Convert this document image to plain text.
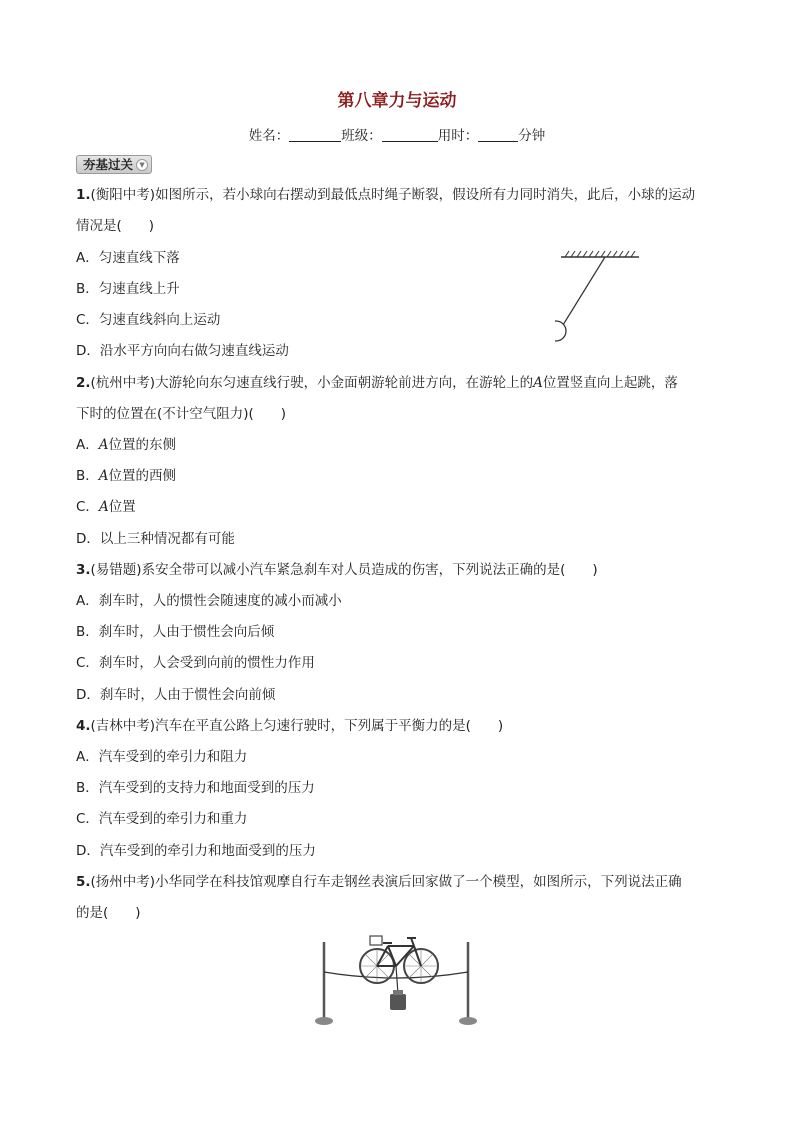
第八章力与运动
姓名：	班级：	用时：	分钟
夯基过关 ▼
1.(衡阳中考)如图所示，若小球向右摆动到最低点时绳子断裂，假设所有力同时消失，此后，小球的运动
情况是(　　)
A．匀速直线下落
B．匀速直线上升
C．匀速直线斜向上运动
D．沿水平方向向右做匀速直线运动
2.(杭州中考)大游轮向东匀速直线行驶，小金面朝游轮前进方向，在游轮上的A位置竖直向上起跳，落
下时的位置在(不计空气阻力)(　　)
A．A位置的东侧
B．A位置的西侧
C．A位置
D．以上三种情况都有可能
3.(易错题)系安全带可以减小汽车紧急刹车对人员造成的伤害，下列说法正确的是(　　)
A．刹车时，人的惯性会随速度的减小而减小
B．刹车时，人由于惯性会向后倾
C．刹车时，人会受到向前的惯性力作用
D．刹车时，人由于惯性会向前倾
4.(吉林中考)汽车在平直公路上匀速行驶时，下列属于平衡力的是(　　)
A．汽车受到的牵引力和阻力
B．汽车受到的支持力和地面受到的压力
C．汽车受到的牵引力和重力
D．汽车受到的牵引力和地面受到的压力
5.(扬州中考)小华同学在科技馆观摩自行车走钢丝表演后回家做了一个模型，如图所示，下列说法正确
的是(　　)
